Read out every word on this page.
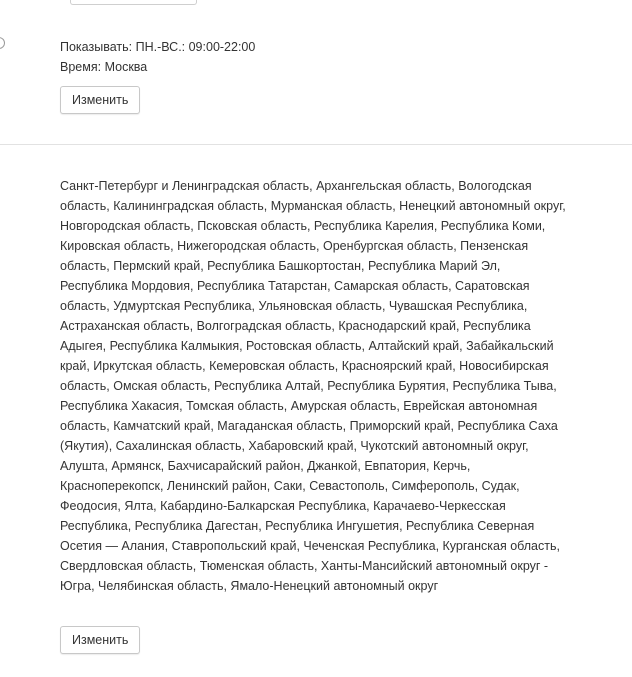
Показывать: ПН.-ВС.: 09:00-22:00
Время: Москва
Изменить
Санкт-Петербург и Ленинградская область, Архангельская область, Вологодская область, Калининградская область, Мурманская область, Ненецкий автономный округ, Новгородская область, Псковская область, Республика Карелия, Республика Коми, Кировская область, Нижегородская область, Оренбургская область, Пензенская область, Пермский край, Республика Башкортостан, Республика Марий Эл, Республика Мордовия, Республика Татарстан, Самарская область, Саратовская область, Удмуртская Республика, Ульяновская область, Чувашская Республика, Астраханская область, Волгоградская область, Краснодарский край, Республика Адыгея, Республика Калмыкия, Ростовская область, Алтайский край, Забайкальский край, Иркутская область, Кемеровская область, Красноярский край, Новосибирская область, Омская область, Республика Алтай, Республика Бурятия, Республика Тыва, Республика Хакасия, Томская область, Амурская область, Еврейская автономная область, Камчатский край, Магаданская область, Приморский край, Республика Саха (Якутия), Сахалинская область, Хабаровский край, Чукотский автономный округ, Алушта, Армянск, Бахчисарайский район, Джанкой, Евпатория, Керчь, Красноперекопск, Ленинский район, Саки, Севастополь, Симферополь, Судак, Феодосия, Ялта, Кабардино-Балкарская Республика, Карачаево-Черкесская Республика, Республика Дагестан, Республика Ингушетия, Республика Северная Осетия — Алания, Ставропольский край, Чеченская Республика, Курганская область, Свердловская область, Тюменская область, Ханты-Мансийский автономный округ - Югра, Челябинская область, Ямало-Ненецкий автономный округ
Изменить
